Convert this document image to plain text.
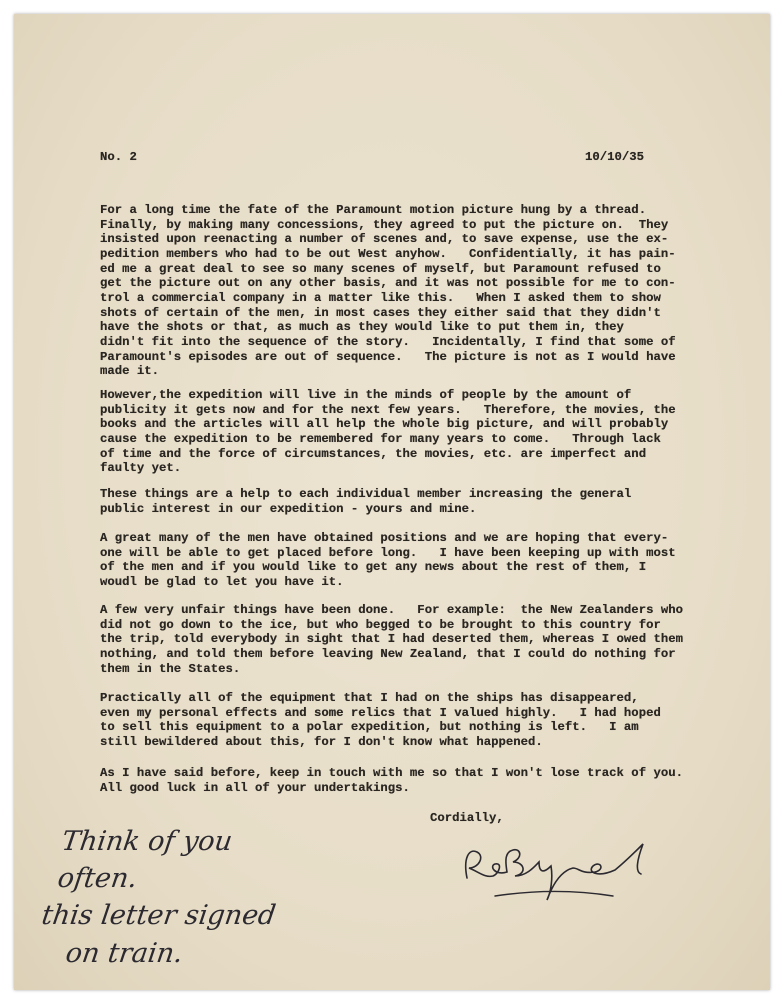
No. 2	10/10/35
For a long time the fate of the Paramount motion picture hung by a thread.
Finally, by making many concessions, they agreed to put the picture on.  They
insisted upon reenacting a number of scenes and, to save expense, use the ex-
pedition members who had to be out West anyhow.   Confidentially, it has pain-
ed me a great deal to see so many scenes of myself, but Paramount refused to
get the picture out on any other basis, and it was not possible for me to con-
trol a commercial company in a matter like this.   When I asked them to show
shots of certain of the men, in most cases they either said that they didn't
have the shots or that, as much as they would like to put them in, they
didn't fit into the sequence of the story.   Incidentally, I find that some of
Paramount's episodes are out of sequence.   The picture is not as I would have
made it.
However,the expedition will live in the minds of people by the amount of
publicity it gets now and for the next few years.   Therefore, the movies, the
books and the articles will all help the whole big picture, and will probably
cause the expedition to be remembered for many years to come.   Through lack
of time and the force of circumstances, the movies, etc. are imperfect and
faulty yet.
These things are a help to each individual member increasing the general
public interest in our expedition - yours and mine.
A great many of the men have obtained positions and we are hoping that every-
one will be able to get placed before long.   I have been keeping up with most
of the men and if you would like to get any news about the rest of them, I
woudl be glad to let you have it.
A few very unfair things have been done.   For example:  the New Zealanders who
did not go down to the ice, but who begged to be brought to this country for
the trip, told everybody in sight that I had deserted them, whereas I owed them
nothing, and told them before leaving New Zealand, that I could do nothing for
them in the States.
Practically all of the equipment that I had on the ships has disappeared,
even my personal effects and some relics that I valued highly.   I had hoped
to sell this equipment to a polar expedition, but nothing is left.   I am
still bewildered about this, for I don't know what happened.
As I have said before, keep in touch with me so that I won't lose track of you.
All good luck in all of your undertakings.
Cordially,
Think of you
often.
this letter signed
on train.
